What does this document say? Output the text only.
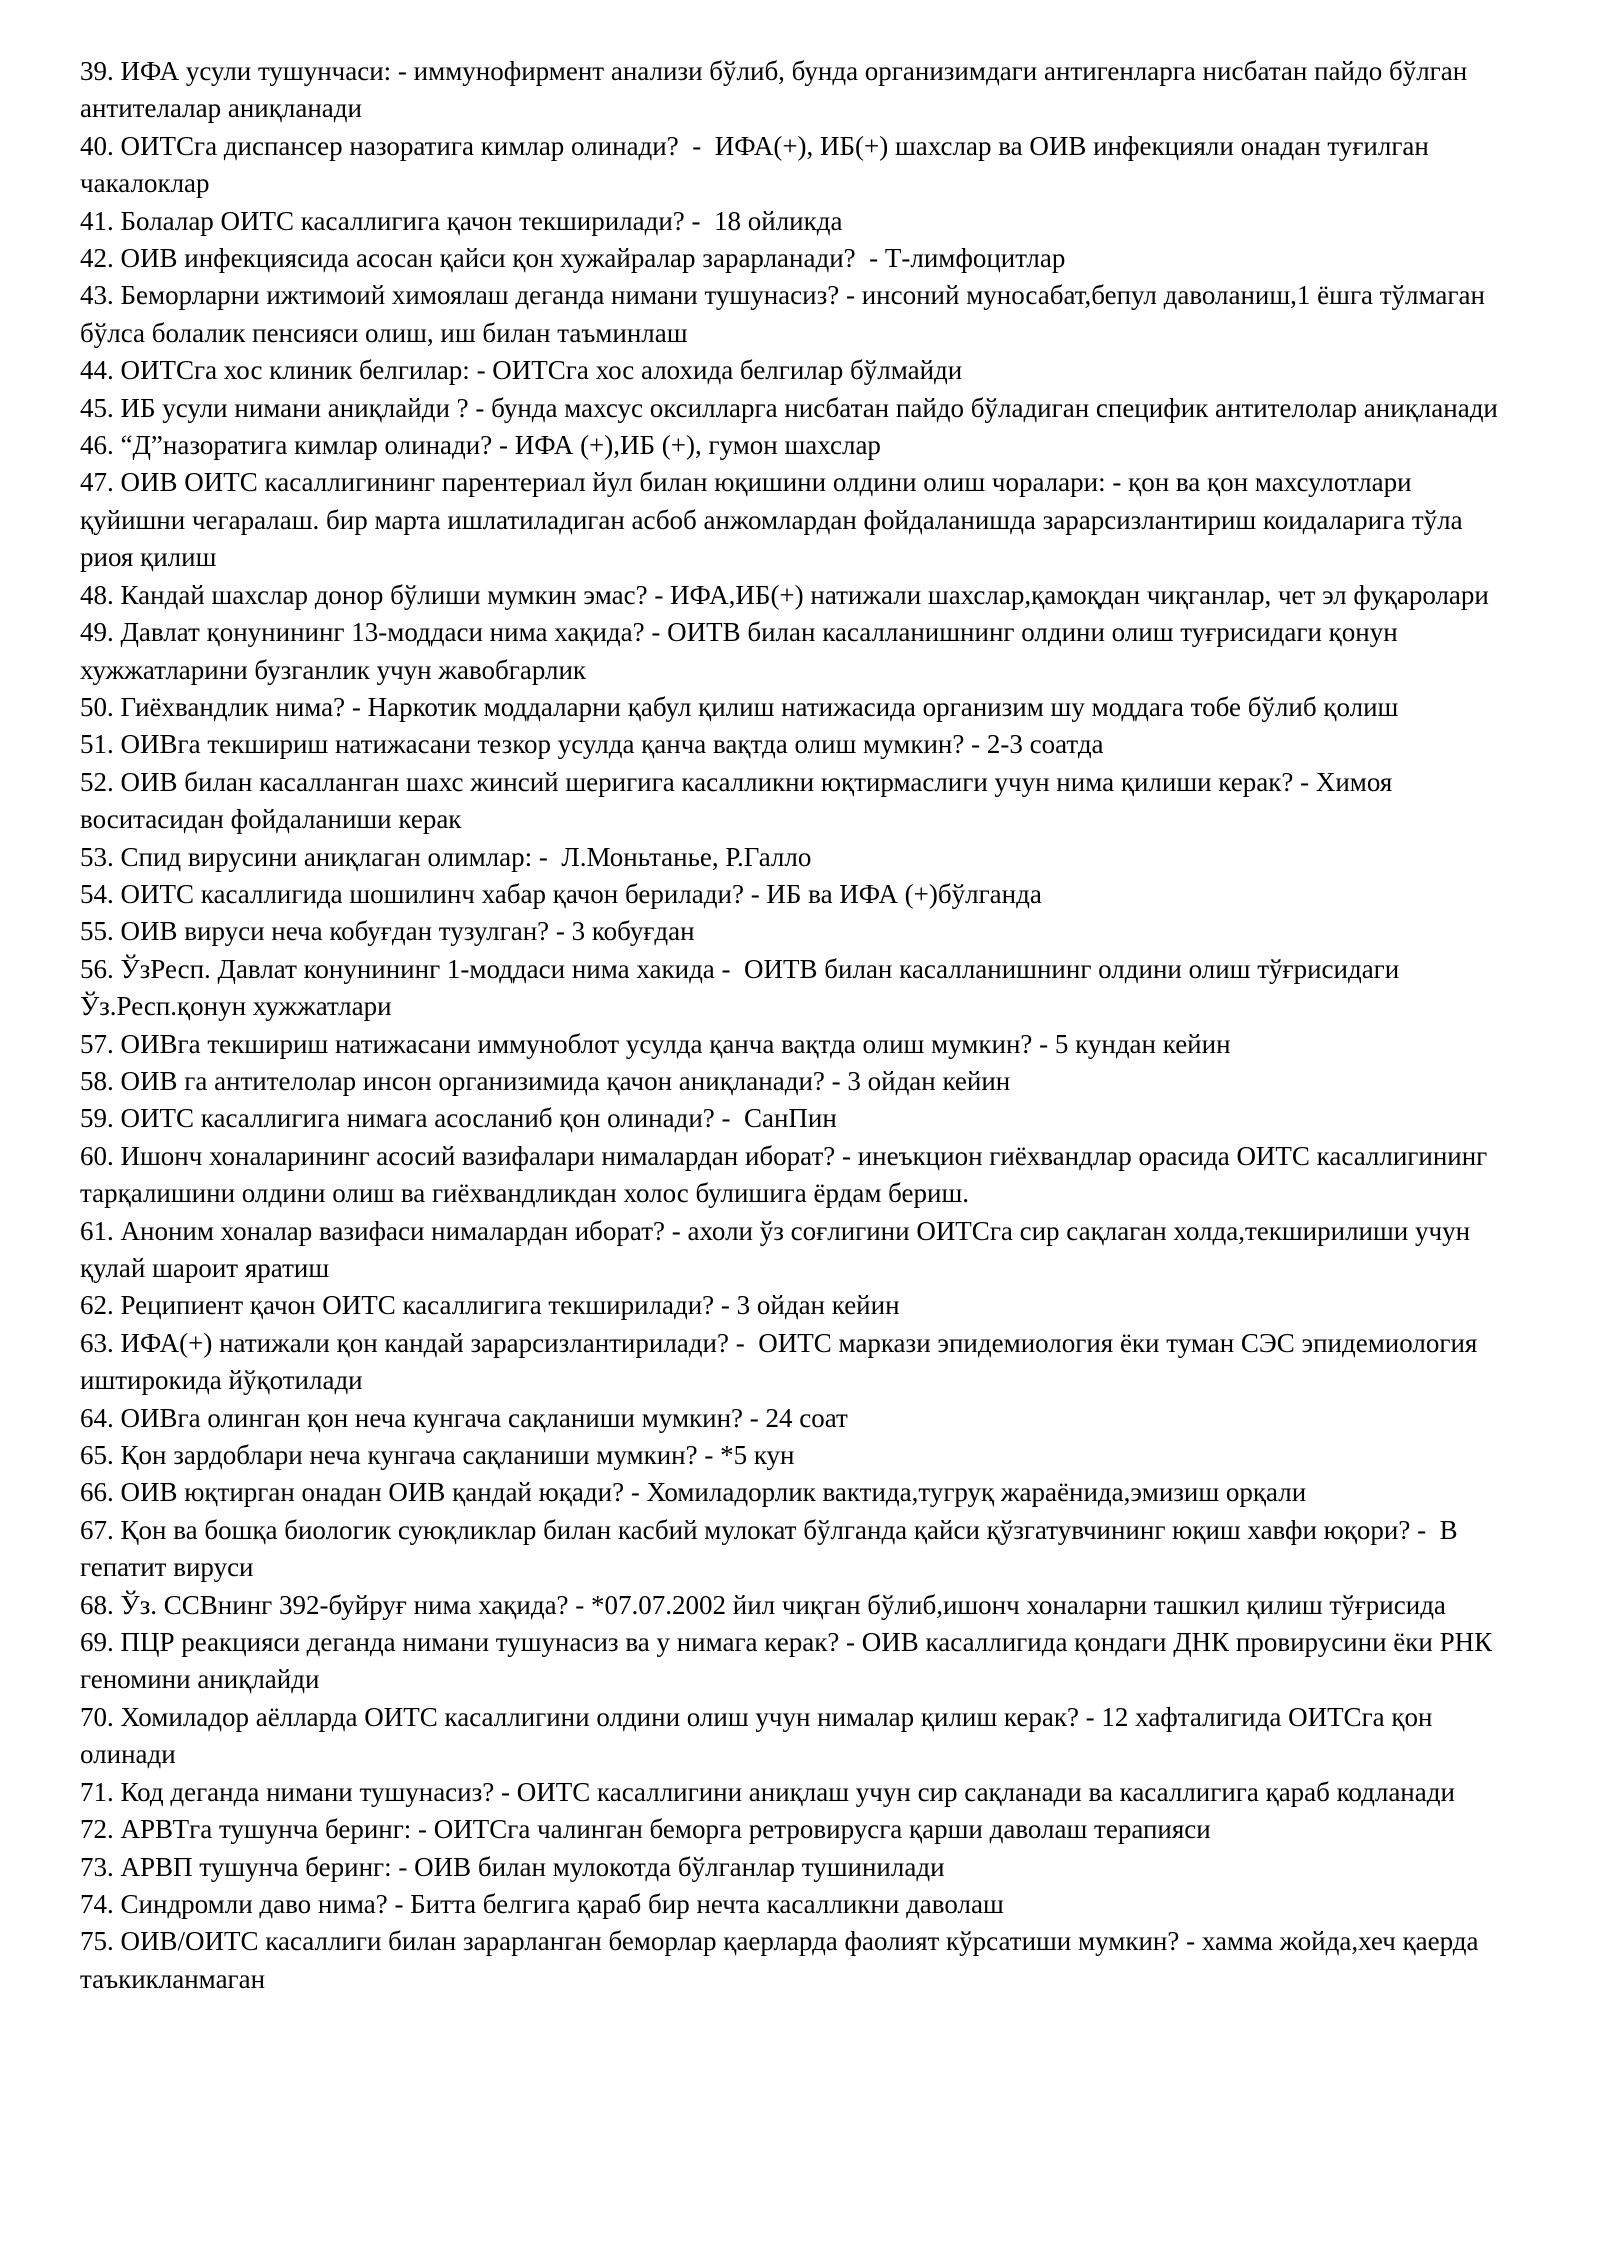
39. ИФА усули тушунчаси: - иммунофирмент анализи бўлиб, бунда организимдаги антигенларга нисбатан пайдо бўлган антителалар аниқланади

40. ОИТСга диспансер назоратига кимлар олинади?  -  ИФА(+), ИБ(+) шахслар ва ОИВ инфекцияли онадан туғилган чакалоклар

41. Болалар ОИТС касаллигига қачон текширилади? -  18 ойликда

42. ОИВ инфекциясида асосан қайси қон хужайралар зарарланади?  - Т-лимфоцитлар

43. Беморларни ижтимоий химоялаш деганда нимани тушунасиз? - инсоний муносабат,бепул даволаниш,1 ёшга тўлмаган бўлса болалик пенсияси олиш, иш билан таъминлаш

44. ОИТСга хос клиник белгилар: - ОИТСга хос алохида белгилар бўлмайди

45. ИБ усули нимани аниқлайди ? - бунда махсус оксилларга нисбатан пайдо бўладиган специфик антителолар аниқланади

46. “Д”назоратига кимлар олинади? - ИФА (+),ИБ (+), гумон шахслар

47. ОИВ ОИТС касаллигининг парентериал йул билан юқишини олдини олиш чоралари: - қон ва қон махсулотлари қуйишни чегаралаш. бир марта ишлатиладиган асбоб анжомлардан фойдаланишда зарарсизлантириш коидаларига тўла риоя қилиш

48. Кандай шахслар донор бўлиши мумкин эмас? - ИФА,ИБ(+) натижали шахслар,қамоқдан чиқганлар, чет эл фуқаролари

49. Давлат қонунининг 13-моддаси нима хақида? - ОИТВ билан касалланишнинг олдини олиш туғрисидаги қонун хужжатларини бузганлик учун жавобгарлик

50. Гиёхвандлик нима? - Наркотик моддаларни қабул қилиш натижасида организим шу моддага тобе бўлиб қолиш

51. ОИВга текшириш натижасани тезкор усулда қанча вақтда олиш мумкин? - 2-3 соатда

52. ОИВ билан касалланган шахс жинсий шеригига касалликни юқтирмаслиги учун нима қилиши керак? - Химоя воситасидан фойдаланиши керак

53. Спид вирусини аниқлаган олимлар: -  Л.Моньтанье, Р.Галло

54. ОИТС касаллигида шошилинч хабар қачон берилади? - ИБ ва ИФА (+)бўлганда

55. ОИВ вируси неча кобуғдан тузулган? - 3 кобуғдан

56. ЎзРесп. Давлат конунининг 1-моддаси нима хакида -  ОИТВ билан касалланишнинг олдини олиш тўғрисидаги Ўз.Респ.қонун хужжатлари

57. ОИВга текшириш натижасани иммуноблот усулда қанча вақтда олиш мумкин? - 5 кундан кейин

58. ОИВ га антителолар инсон организимида қачон аниқланади? - 3 ойдан кейин

59. ОИТС касаллигига нимага асосланиб қон олинади? -  СанПин

60. Ишонч хоналарининг асосий вазифалари нималардан иборат? - инеъкцион гиёхвандлар орасида ОИТС касаллигининг тарқалишини олдини олиш ва гиёхвандликдан холос булишига ёрдам бериш.

61. Аноним хоналар вазифаси нималардан иборат? - ахоли ўз соғлигини ОИТСга сир сақлаган холда,текширилиши учун қулай шароит яратиш

62. Реципиент қачон ОИТС касаллигига текширилади? - 3 ойдан кейин

63. ИФА(+) натижали қон кандай зарарсизлантирилади? -  ОИТС маркази эпидемиология ёки туман СЭС эпидемиология иштирокида йўқотилади

64. ОИВга олинган қон неча кунгача сақланиши мумкин? - 24 соат

65. Қон зардоблари неча кунгача сақланиши мумкин? - *5 кун

66. ОИВ юқтирган онадан ОИВ қандай юқади? - Хомиладорлик вактида,тугруқ жараёнида,эмизиш орқали

67. Қон ва бошқа биологик суюқликлар билан касбий мулокат бўлганда қайси қўзгатувчининг юқиш хавфи юқори? -  В гепатит вируси

68. Ўз. ССВнинг 392-буйруғ нима хақида? - *07.07.2002 йил чиқган бўлиб,ишонч хоналарни ташкил қилиш тўғрисида

69. ПЦР реакцияси деганда нимани тушунасиз ва у нимага керак? - ОИВ касаллигида қондаги ДНК провирусини ёки РНК геномини аниқлайди

70. Хомиладор аёлларда ОИТС касаллигини олдини олиш учун нималар қилиш керак? - 12 хафталигида ОИТСга қон олинади

71. Код деганда нимани тушунасиз? - ОИТС касаллигини аниқлаш учун сир сақланади ва касаллигига қараб кодланади

72. АРВТга тушунча беринг: - ОИТСга чалинган беморга ретровирусга қарши даволаш терапияси

73. АРВП тушунча беринг: - ОИВ билан мулокотда бўлганлар тушинилади

74. Синдромли даво нима? - Битта белгига қараб бир нечта касалликни даволаш

75. ОИВ/ОИТС касаллиги билан зарарланган беморлар қаерларда фаолият кўрсатиши мумкин? - хамма жойда,хеч қаерда таъкикланмаган
